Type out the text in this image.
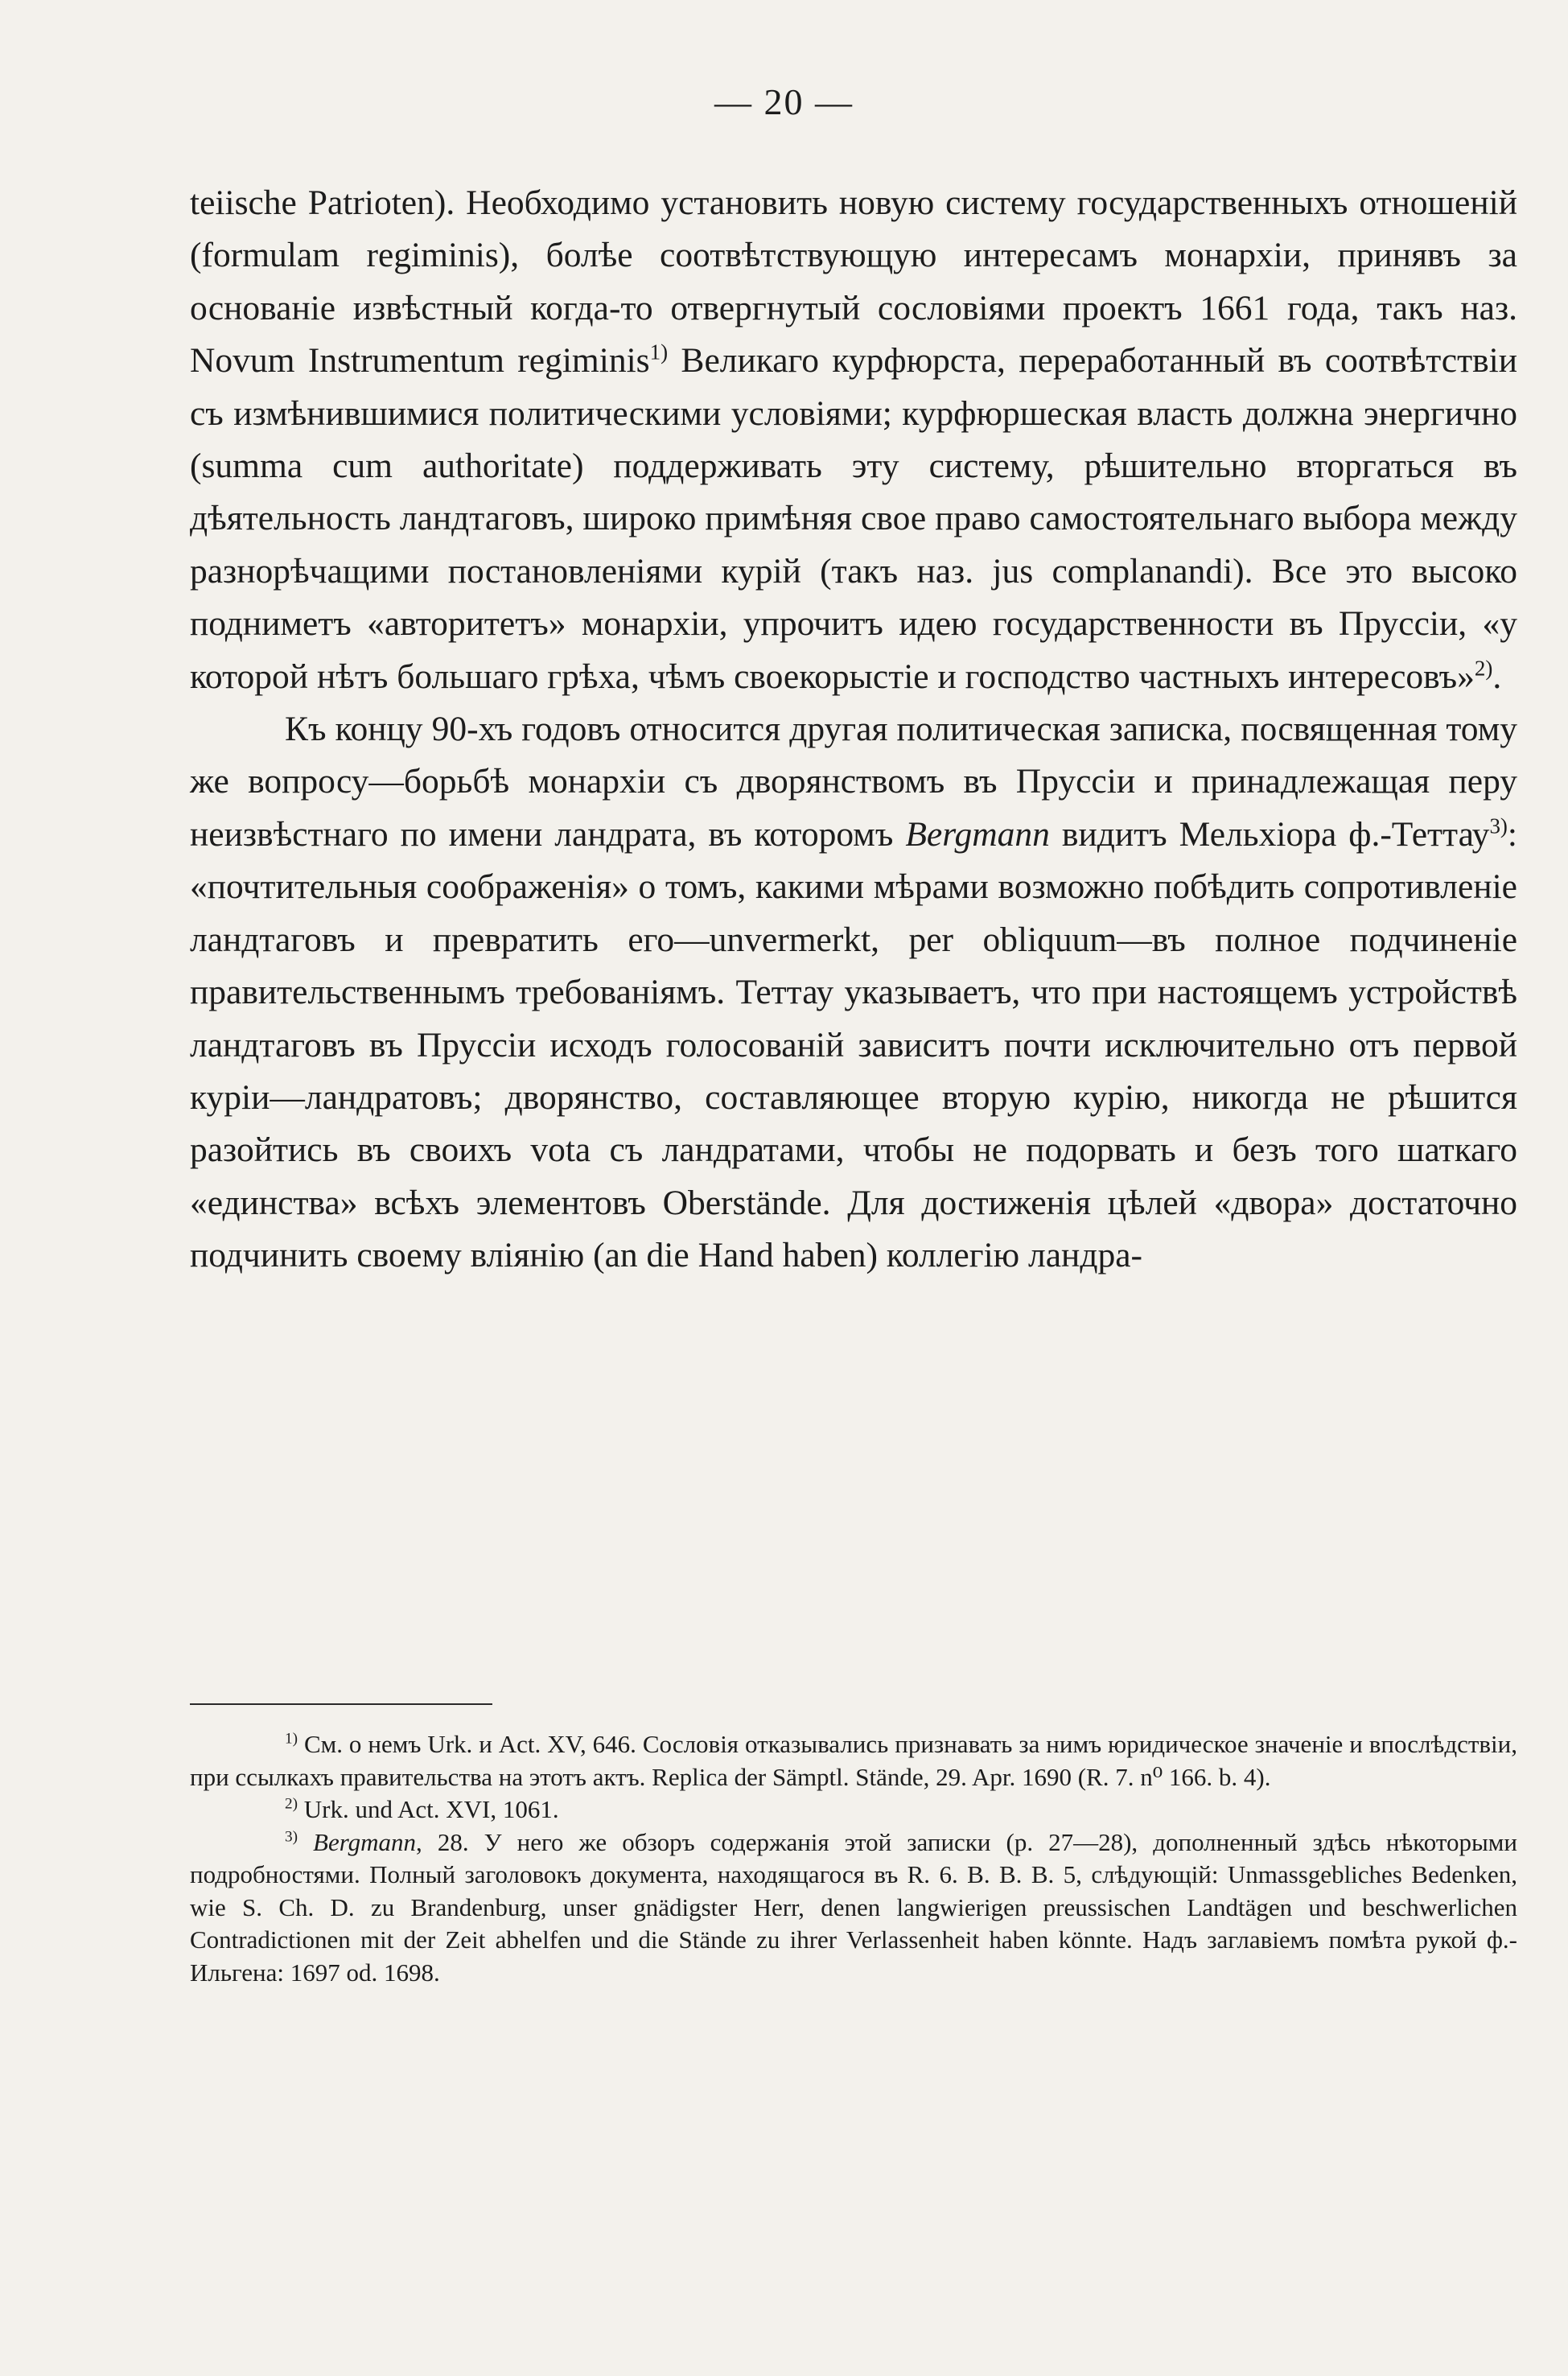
— 20 —

teiische Patrioten). Необходимо установить новую систему государственныхъ отношеній (formulam regiminis), болѣе соотвѣтствующую интересамъ монархіи, принявъ за основаніе извѣстный когда-то отвергнутый сословіями проектъ 1661 года, такъ наз. Novum Instrumentum regiminis$^{1)}$ Великаго курфюрста, переработанный въ соотвѣтствіи съ измѣнившимися политическими условіями; курфюршеская власть должна энергично (summa cum authoritate) поддерживать эту систему, рѣшительно вторгаться въ дѣятельность ландтаговъ, широко примѣняя свое право самостоятельнаго выбора между разнорѣчащими постановленіями курій (такъ наз. jus complanandi). Все это высоко подниметъ «авторитетъ» монархіи, упрочитъ идею государственности въ Пруссіи, «у которой нѣтъ большаго грѣха, чѣмъ своекорыстіе и господство частныхъ интересовъ»$^{2)}$.

Къ концу 90-хъ годовъ относится другая политическая записка, посвященная тому же вопросу—борьбѣ монархіи съ дворянствомъ въ Пруссіи и принадлежащая перу неизвѣстнаго по имени ландрата, въ которомъ Bergmann видитъ Мельхіора ф.-Теттау$^{3)}$: «почтительныя соображенія» о томъ, какими мѣрами возможно побѣдить сопротивленіе ландтаговъ и превратить его—unvermerkt, per obliquum—въ полное подчиненіе правительственнымъ требованіямъ. Теттау указываетъ, что при настоящемъ устройствѣ ландтаговъ въ Пруссіи исходъ голосованій зависитъ почти исключительно отъ первой куріи—ландратовъ; дворянство, составляющее вторую курію, никогда не рѣшится разойтись въ своихъ vota съ ландратами, чтобы не подорвать и безъ того шаткаго «единства» всѣхъ элементовъ Oberstände. Для достиженія цѣлей «двора» достаточно подчинить своему вліянію (an die Hand haben) коллегію ландра-

$^{1)}$ См. о немъ Urk. и Act. XV, 646. Сословія отказывались признавать за нимъ юридическое значеніе и впослѣдствіи, при ссылкахъ правительства на этотъ актъ. Replica der Sämptl. Stände, 29. Apr. 1690 (R. 7. n⁰ 166. b. 4).

$^{2)}$ Urk. und Act. XVI, 1061.

$^{3)}$ Bergmann, 28. У него же обзоръ содержанія этой записки (р. 27—28), дополненный здѣсь нѣкоторыми подробностями. Полный заголовокъ документа, находящагося въ R. 6. B. B. B. 5, слѣдующій: Unmassgebliches Bedenken, wie S. Ch. D. zu Brandenburg, unser gnädigster Herr, denen langwierigen preussischen Landtägen und beschwerlichen Contradictionen mit der Zeit abhelfen und die Stände zu ihrer Verlassenheit haben könnte. Надъ заглавіемъ помѣта рукой ф.-Ильгена: 1697 od. 1698.
